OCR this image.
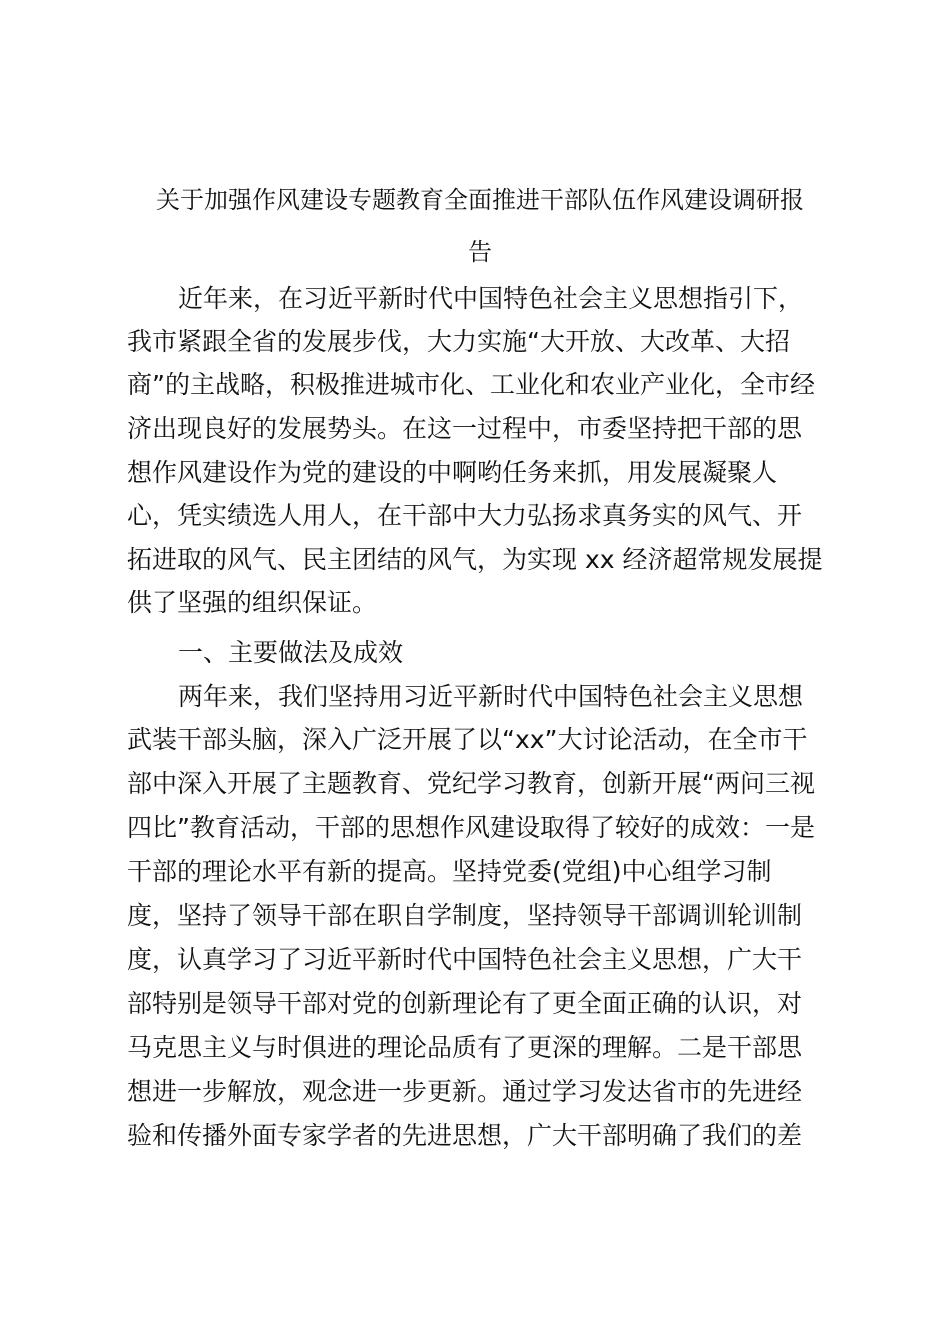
关于加强作风建设专题教育全面推进干部队伍作风建设调研报
告
近年来，在习近平新时代中国特色社会主义思想指引下，
我市紧跟全省的发展步伐，大力实施“大开放、大改革、大招
商”的主战略，积极推进城市化、工业化和农业产业化，全市经
济出现良好的发展势头。在这一过程中，市委坚持把干部的思
想作风建设作为党的建设的中啊哟任务来抓，用发展凝聚人
心，凭实绩选人用人，在干部中大力弘扬求真务实的风气、开
拓进取的风气、民主团结的风气，为实现 xx 经济超常规发展提
供了坚强的组织保证。
一、主要做法及成效
两年来，我们坚持用习近平新时代中国特色社会主义思想
武装干部头脑，深入广泛开展了以“xx”大讨论活动，在全市干
部中深入开展了主题教育、党纪学习教育，创新开展“两问三视
四比”教育活动，干部的思想作风建设取得了较好的成效：一是
干部的理论水平有新的提高。坚持党委(党组)中心组学习制
度，坚持了领导干部在职自学制度，坚持领导干部调训轮训制
度，认真学习了习近平新时代中国特色社会主义思想，广大干
部特别是领导干部对党的创新理论有了更全面正确的认识，对
马克思主义与时俱进的理论品质有了更深的理解。二是干部思
想进一步解放，观念进一步更新。通过学习发达省市的先进经
验和传播外面专家学者的先进思想，广大干部明确了我们的差
